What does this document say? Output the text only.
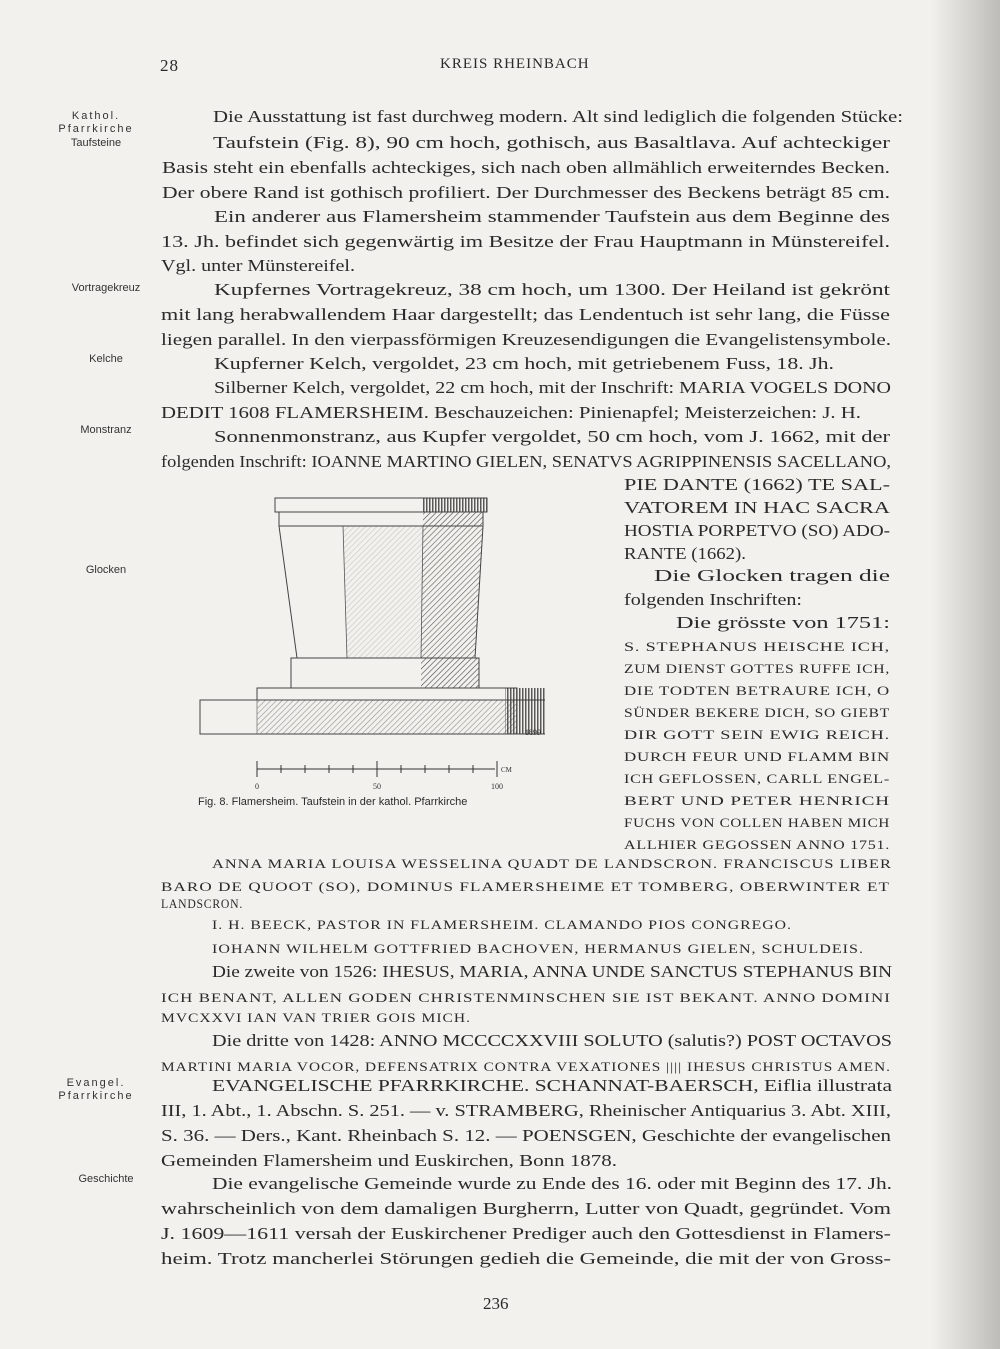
28	KREIS RHEINBACH
Kathol.
Pfarrkirche
Taufsteine
Vortragekreuz
Kelche
Monstranz
Glocken
Evangel.
Pfarrkirche
Geschichte
Die Ausstattung ist fast durchweg modern. Alt sind lediglich die folgenden Stücke:
Taufstein (Fig. 8), 90 cm hoch, gothisch, aus Basaltlava. Auf achteckiger
Basis steht ein ebenfalls achteckiges, sich nach oben allmählich erweiterndes Becken.
Der obere Rand ist gothisch profiliert. Der Durchmesser des Beckens beträgt 85 cm.
Ein anderer aus Flamersheim stammender Taufstein aus dem Beginne des
13. Jh. befindet sich gegenwärtig im Besitze der Frau Hauptmann in Münstereifel.
Vgl. unter Münstereifel.
Kupfernes Vortragekreuz, 38 cm hoch, um 1300. Der Heiland ist gekrönt
mit lang herabwallendem Haar dargestellt; das Lendentuch ist sehr lang, die Füsse
liegen parallel. In den vierpassförmigen Kreuzesendigungen die Evangelistensymbole.
Kupferner Kelch, vergoldet, 23 cm hoch, mit getriebenem Fuss, 18. Jh.
Silberner Kelch, vergoldet, 22 cm hoch, mit der Inschrift: MARIA VOGELS DONO
DEDIT 1608 FLAMERSHEIM. Beschauzeichen: Pinienapfel; Meisterzeichen: J. H.
Sonnenmonstranz, aus Kupfer vergoldet, 50 cm hoch, vom J. 1662, mit der
folgenden Inschrift: IOANNE MARTINO GIELEN, SENATVS AGRIPPINENSIS SACELLANO,
PIE DANTE (1662) TE SAL-
VATOREM IN HAC SACRA
HOSTIA PORPETVO (SO) ADO-
RANTE (1662).
Die Glocken tragen die
folgenden Inschriften:
Die grösste von 1751:
S. STEPHANUS HEISCHE ICH,
ZUM DIENST GOTTES RUFFE ICH,
DIE TODTEN BETRAURE ICH, O
SÜNDER BEKERE DICH, SO GIEBT
DIR GOTT SEIN EWIG REICH.
DURCH FEUR UND FLAMM BIN
ICH GEFLOSSEN, CARLL ENGEL-
BERT UND PETER HENRICH
FUCHS VON COLLEN HABEN MICH
ALLHIER GEGOSSEN ANNO 1751.
0	50	100
CM
1899
Fig. 8. Flamersheim. Taufstein in der kathol. Pfarrkirche
ANNA MARIA LOUISA WESSELINA QUADT DE LANDSCRON. FRANCISCUS LIBER
BARO DE QUOOT (SO), DOMINUS FLAMERSHEIME ET TOMBERG, OBERWINTER ET
LANDSCRON.
I. H. BEECK, PASTOR IN FLAMERSHEIM. CLAMANDO PIOS CONGREGO.
IOHANN WILHELM GOTTFRIED BACHOVEN, HERMANUS GIELEN, SCHULDEIS.
Die zweite von 1526: IHESUS, MARIA, ANNA UNDE SANCTUS STEPHANUS BIN
ICH BENANT, ALLEN GODEN CHRISTENMINSCHEN SIE IST BEKANT. ANNO DOMINI
MVCXXVI IAN VAN TRIER GOIS MICH.
Die dritte von 1428: ANNO MCCCCXXVIII SOLUTO (salutis?) POST OCTAVOS
MARTINI MARIA VOCOR, DEFENSATRIX CONTRA VEXATIONES |||| IHESUS CHRISTUS AMEN.
EVANGELISCHE PFARRKIRCHE. SCHANNAT-BAERSCH, Eiflia illustrata
III, 1. Abt., 1. Abschn. S. 251. — v. STRAMBERG, Rheinischer Antiquarius 3. Abt. XIII,
S. 36. — Ders., Kant. Rheinbach S. 12. — POENSGEN, Geschichte der evangelischen
Gemeinden Flamersheim und Euskirchen, Bonn 1878.
Die evangelische Gemeinde wurde zu Ende des 16. oder mit Beginn des 17. Jh.
wahrscheinlich von dem damaligen Burgherrn, Lutter von Quadt, gegründet. Vom
J. 1609—1611 versah der Euskirchener Prediger auch den Gottesdienst in Flamers-
heim. Trotz mancherlei Störungen gedieh die Gemeinde, die mit der von Gross-
236
